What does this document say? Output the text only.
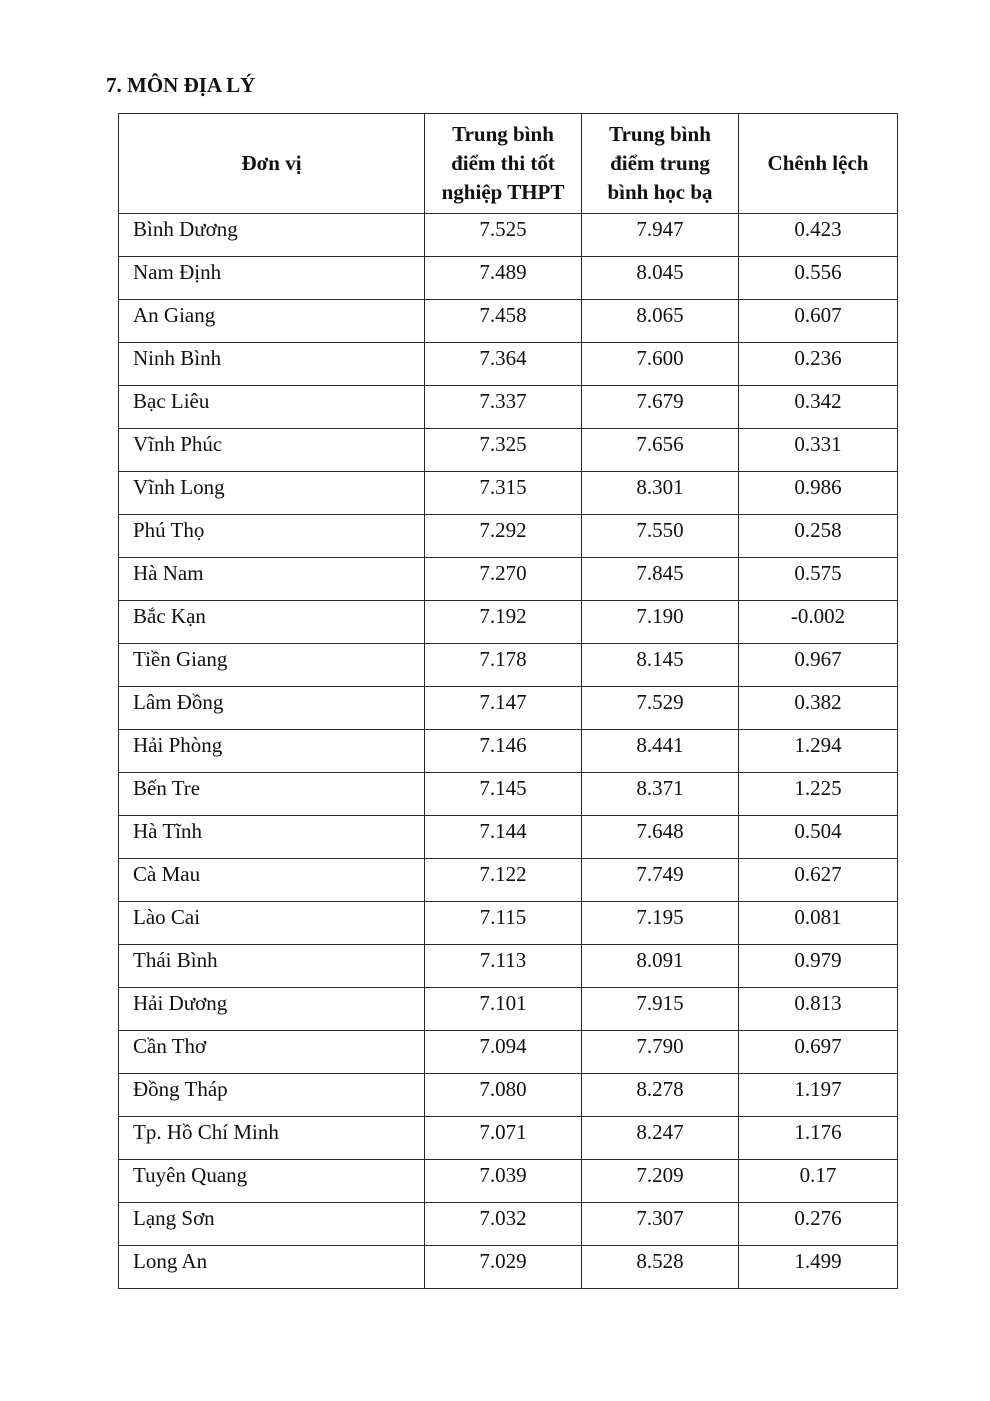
7. MÔN ĐỊA LÝ
Đơn vị	Trung bình điểm thi tốt nghiệp THPT	Trung bình điểm trung bình học bạ	Chênh lệch
Bình Dương	7.525	7.947	0.423
Nam Định	7.489	8.045	0.556
An Giang	7.458	8.065	0.607
Ninh Bình	7.364	7.600	0.236
Bạc Liêu	7.337	7.679	0.342
Vĩnh Phúc	7.325	7.656	0.331
Vĩnh Long	7.315	8.301	0.986
Phú Thọ	7.292	7.550	0.258
Hà Nam	7.270	7.845	0.575
Bắc Kạn	7.192	7.190	-0.002
Tiền Giang	7.178	8.145	0.967
Lâm Đồng	7.147	7.529	0.382
Hải Phòng	7.146	8.441	1.294
Bến Tre	7.145	8.371	1.225
Hà Tĩnh	7.144	7.648	0.504
Cà Mau	7.122	7.749	0.627
Lào Cai	7.115	7.195	0.081
Thái Bình	7.113	8.091	0.979
Hải Dương	7.101	7.915	0.813
Cần Thơ	7.094	7.790	0.697
Đồng Tháp	7.080	8.278	1.197
Tp. Hồ Chí Minh	7.071	8.247	1.176
Tuyên Quang	7.039	7.209	0.17
Lạng Sơn	7.032	7.307	0.276
Long An	7.029	8.528	1.499
